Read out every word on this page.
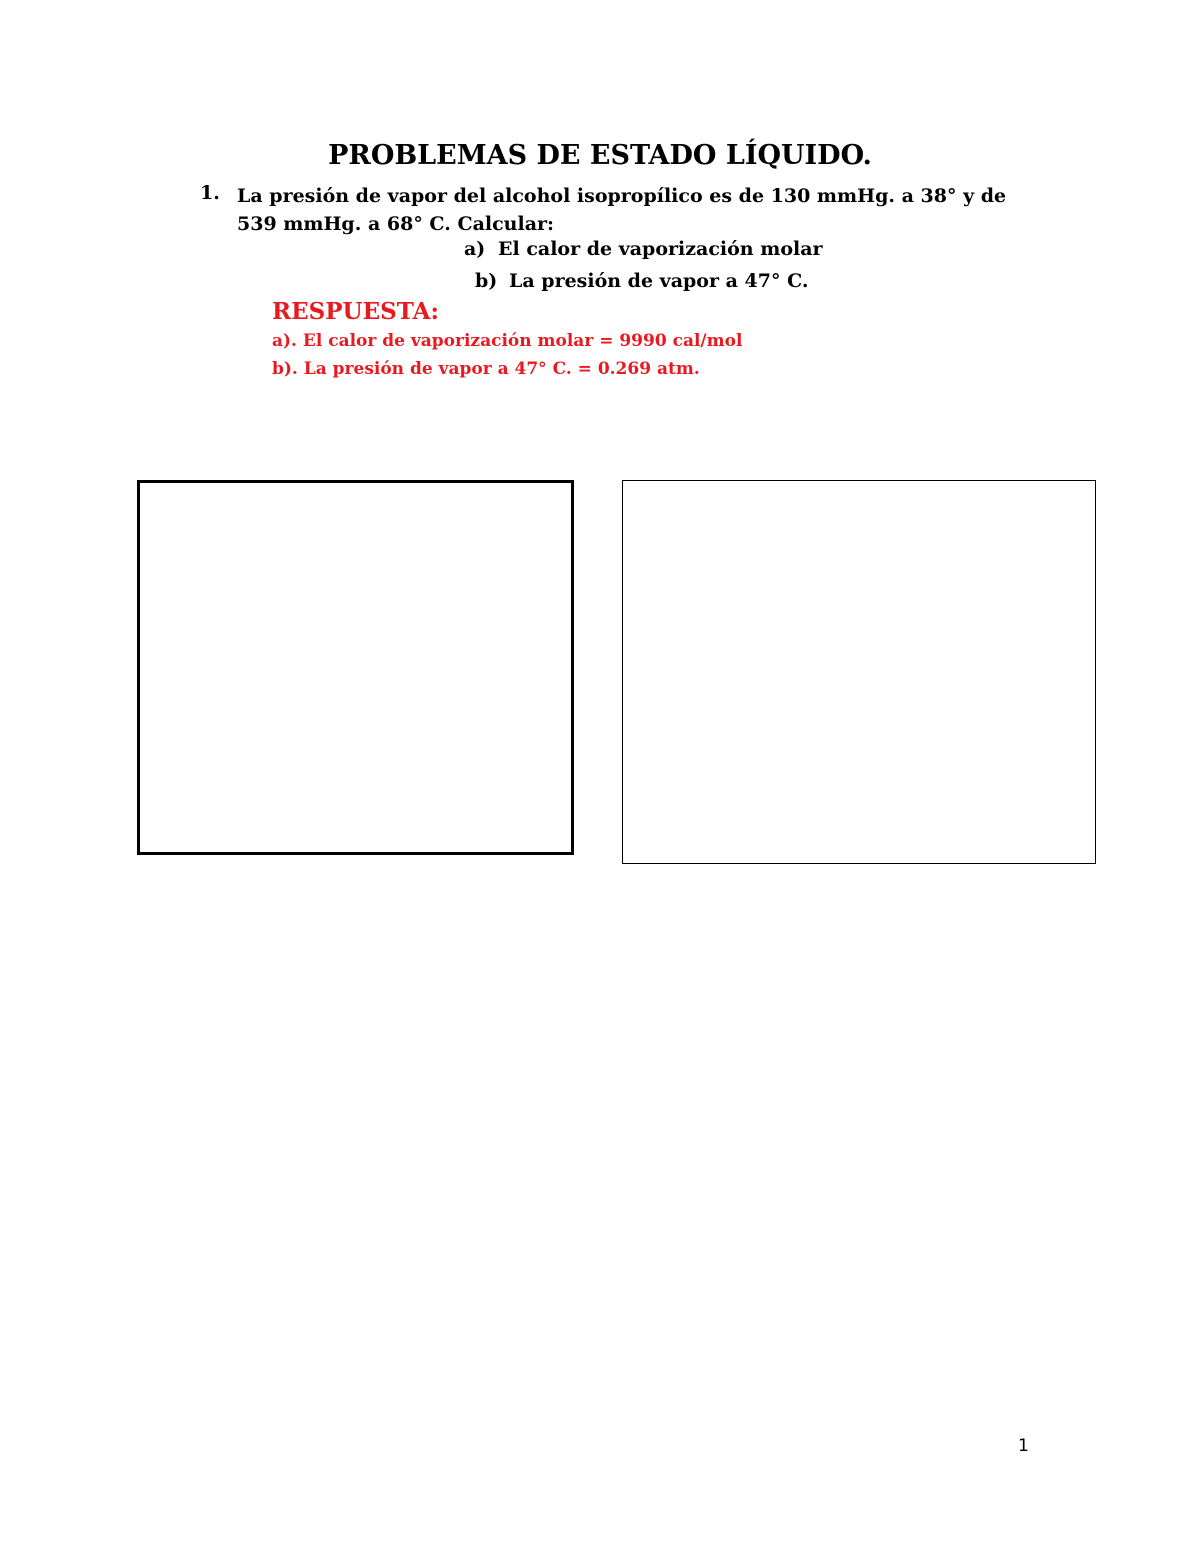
PROBLEMAS DE ESTADO LÍQUIDO.
1. La presión de vapor del alcohol isopropílico es de 130 mmHg. a 38° y de 539 mmHg. a 68° C. Calcular:
a) El calor de vaporización molar
b) La presión de vapor a 47° C.
RESPUESTA:
a). El calor de vaporización molar = 9990 cal/mol
b). La presión de vapor a 47° C. = 0.269 atm.
1
